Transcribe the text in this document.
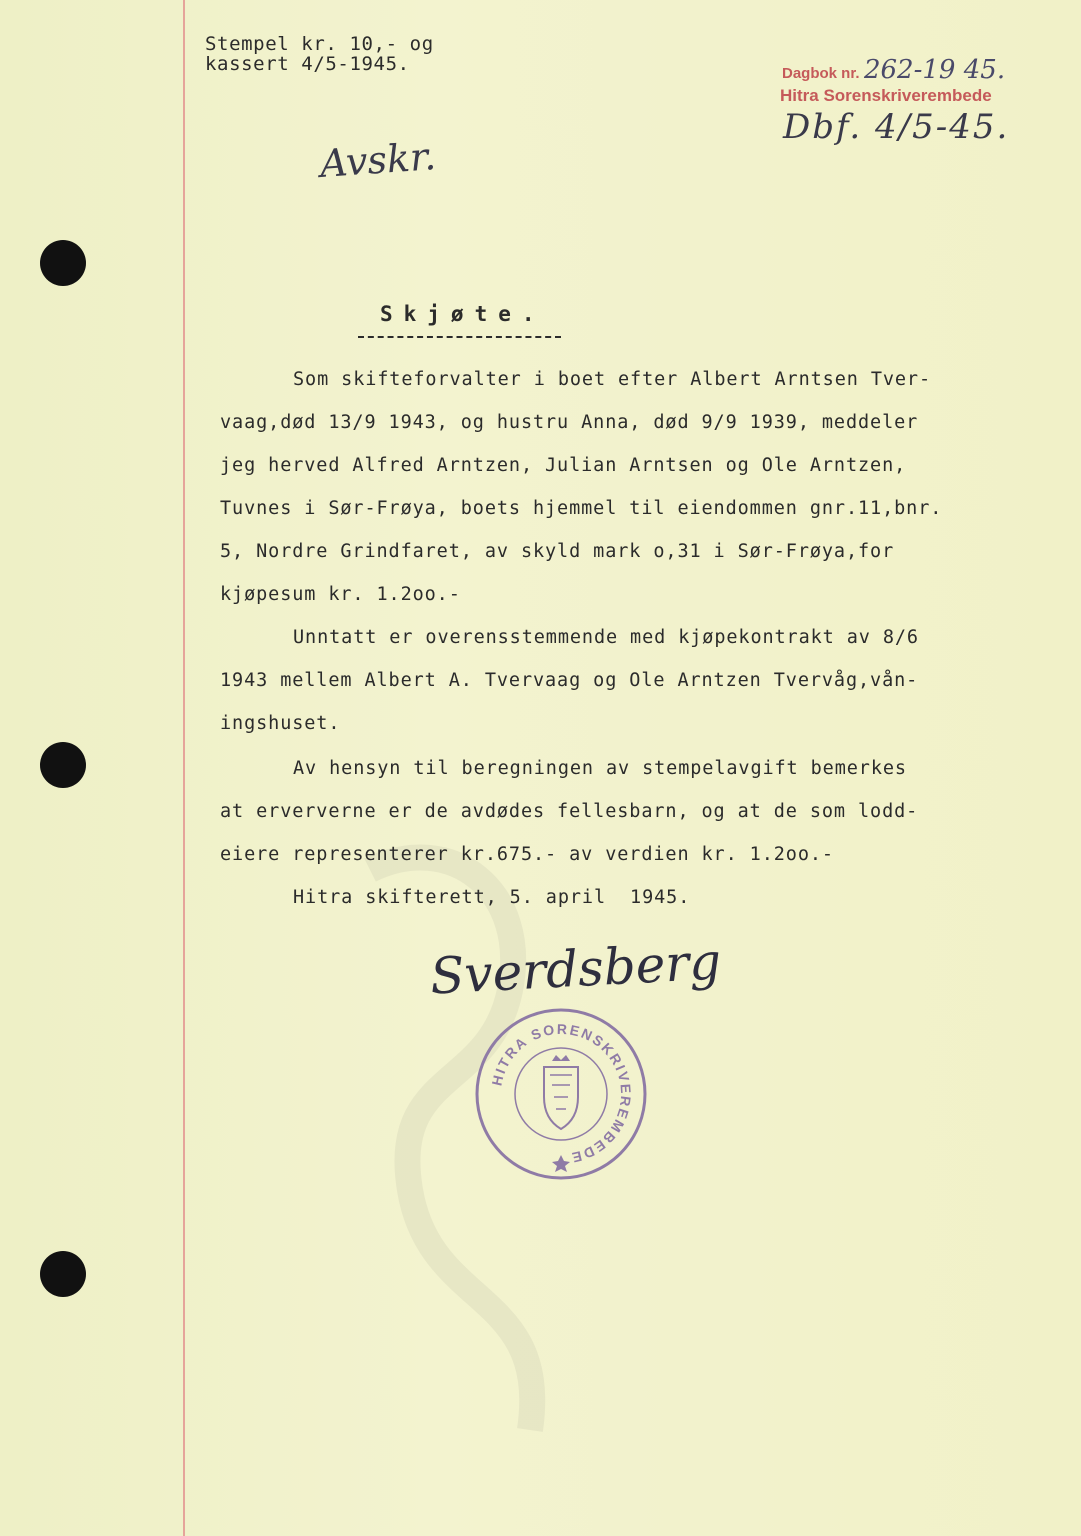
Stempel kr. 10,- og
kassert 4/5-1945.	Dagbok nr. 262-19 45.
Hitra Sorenskriverembede
Dbf. 4/5-45.
Avskr.
Skjøte.
Som skifteforvalter i boet efter Albert Arntsen Tver-
vaag,død 13/9 1943, og hustru Anna, død 9/9 1939, meddeler
jeg herved Alfred Arntzen, Julian Arntsen og Ole Arntzen,
Tuvnes i Sør-Frøya, boets hjemmel til eiendommen gnr.11,bnr.
5, Nordre Grindfaret, av skyld mark o,31 i Sør-Frøya,for
kjøpesum kr. 1.2oo.-
Unntatt er overensstemmende med kjøpekontrakt av 8/6
1943 mellem Albert A. Tvervaag og Ole Arntzen Tvervåg,vån-
ingshuset.
Av hensyn til beregningen av stempelavgift bemerkes
at erververne er de avdødes fellesbarn, og at de som lodd-
eiere representerer kr.675.- av verdien kr. 1.2oo.-
Hitra skifterett, 5. april  1945.
Sverdsberg
HITRA SORENSKRIVEREMBEDE
